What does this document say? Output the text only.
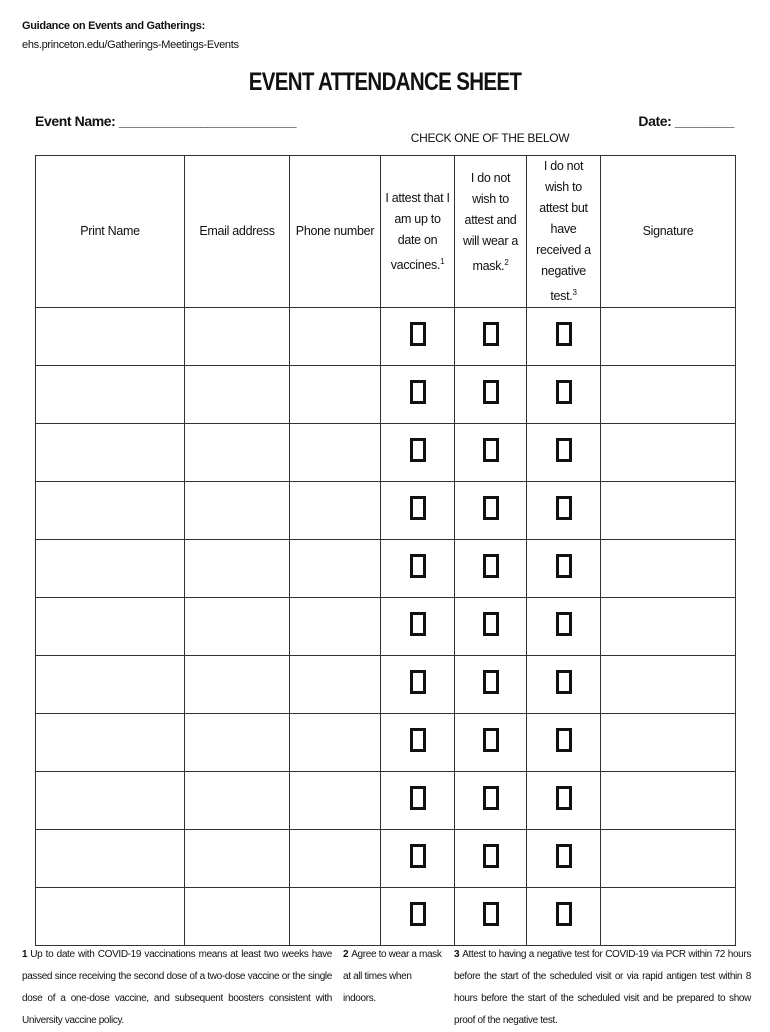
Guidance on Events and Gatherings:
ehs.princeton.edu/Gatherings-Meetings-Events
EVENT ATTENDANCE SHEET
Event Name: ________________________	Date: ________
CHECK ONE OF THE BELOW
Print Name	Email address	Phone number	I attest that I am up to date on vaccines.$^1$	I do not wish to attest and will wear a mask.$^2$	I do not wish to attest but have received a negative test.$^3$	Signature

1 Up to date with COVID-19 vaccinations means at least two weeks have passed since receiving the second dose of a two-dose vaccine or the single dose of a one-dose vaccine, and subsequent boosters consistent with University vaccine policy.
2 Agree to wear a mask at all times when indoors.
3 Attest to having a negative test for COVID-19 via PCR within 72 hours before the start of the scheduled visit or via rapid antigen test within 8 hours before the start of the scheduled visit and be prepared to show proof of the negative test.
